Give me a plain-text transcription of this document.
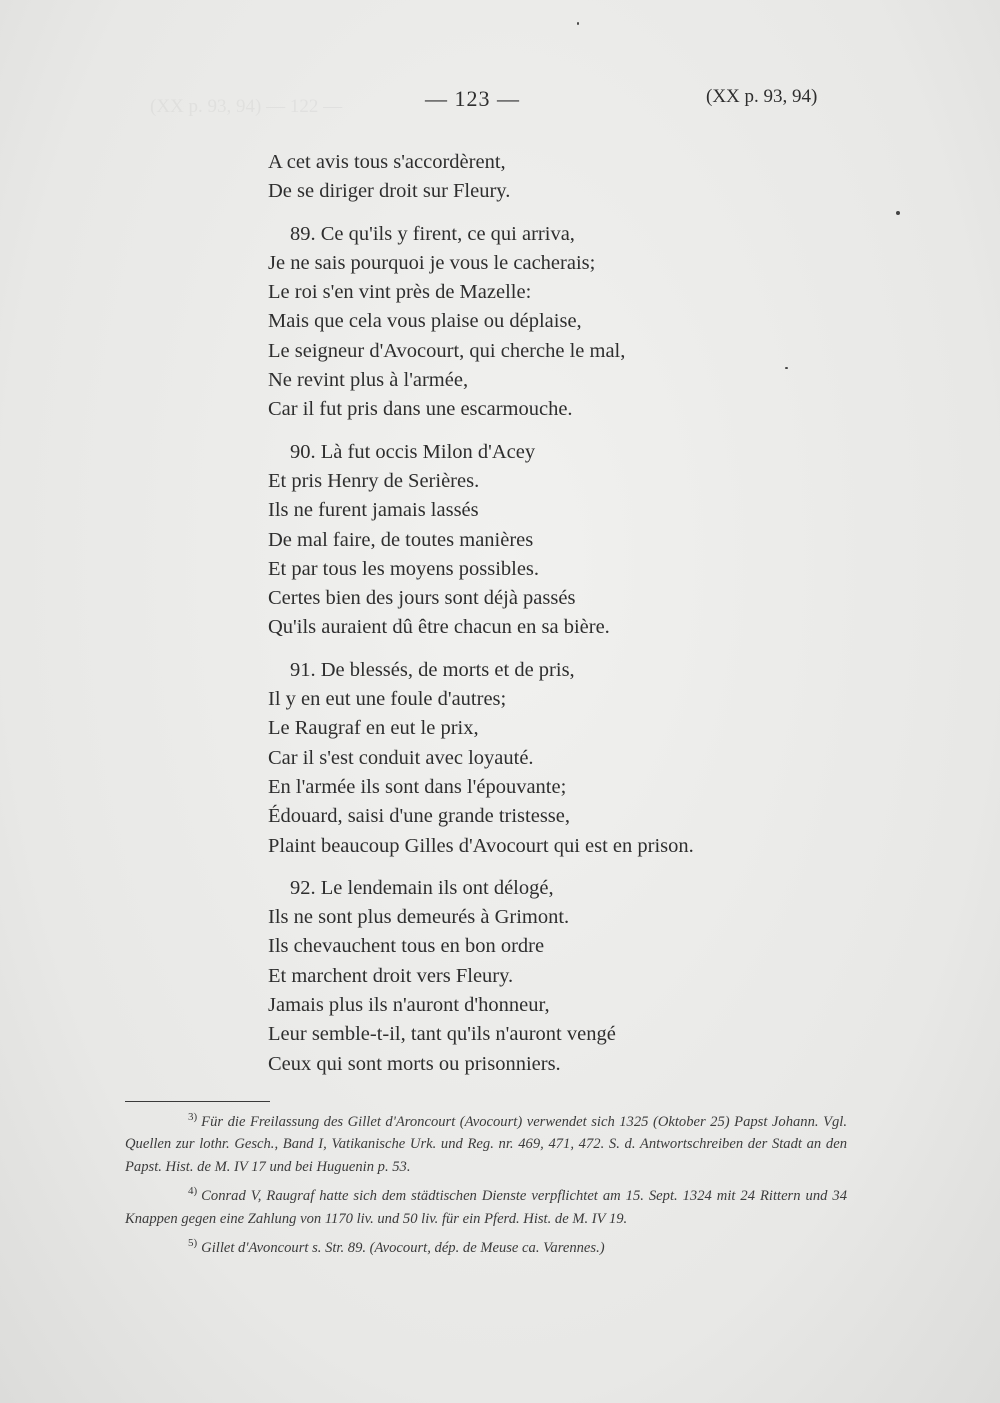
(XX p. 93, 94) — 122 —	— 123 —	(XX p. 93, 94)
A cet avis tous s'accordèrent,
De se diriger droit sur Fleury.
89. Ce qu'ils y firent, ce qui arriva,
Je ne sais pourquoi je vous le cacherais;
Le roi s'en vint près de Mazelle:
Mais que cela vous plaise ou déplaise,
Le seigneur d'Avocourt, qui cherche le mal,
Ne revint plus à l'armée,
Car il fut pris dans une escarmouche.
90. Là fut occis Milon d'Acey
Et pris Henry de Serières.
Ils ne furent jamais lassés
De mal faire, de toutes manières
Et par tous les moyens possibles.
Certes bien des jours sont déjà passés
Qu'ils auraient dû être chacun en sa bière.
91. De blessés, de morts et de pris,
Il y en eut une foule d'autres;
Le Raugraf en eut le prix,
Car il s'est conduit avec loyauté.
En l'armée ils sont dans l'épouvante;
Édouard, saisi d'une grande tristesse,
Plaint beaucoup Gilles d'Avocourt qui est en prison.
92. Le lendemain ils ont délogé,
Ils ne sont plus demeurés à Grimont.
Ils chevauchent tous en bon ordre
Et marchent droit vers Fleury.
Jamais plus ils n'auront d'honneur,
Leur semble-t-il, tant qu'ils n'auront vengé
Ceux qui sont morts ou prisonniers.
$^{3)}$ Für die Freilassung des Gillet d'Aroncourt (Avocourt) verwendet sich 1325 (Oktober 25) Papst Johann. Vgl. Quellen zur lothr. Gesch., Band I, Vatikanische Urk. und Reg. nr. 469, 471, 472. S. d. Antwortschreiben der Stadt an den Papst. Hist. de M. IV 17 und bei Huguenin p. 53.
$^{4)}$ Conrad V, Raugraf hatte sich dem städtischen Dienste verpflichtet am 15. Sept. 1324 mit 24 Rittern und 34 Knappen gegen eine Zahlung von 1170 liv. und 50 liv. für ein Pferd. Hist. de M. IV 19.
$^{5)}$ Gillet d'Avoncourt s. Str. 89. (Avocourt, dép. de Meuse ca. Varennes.)
